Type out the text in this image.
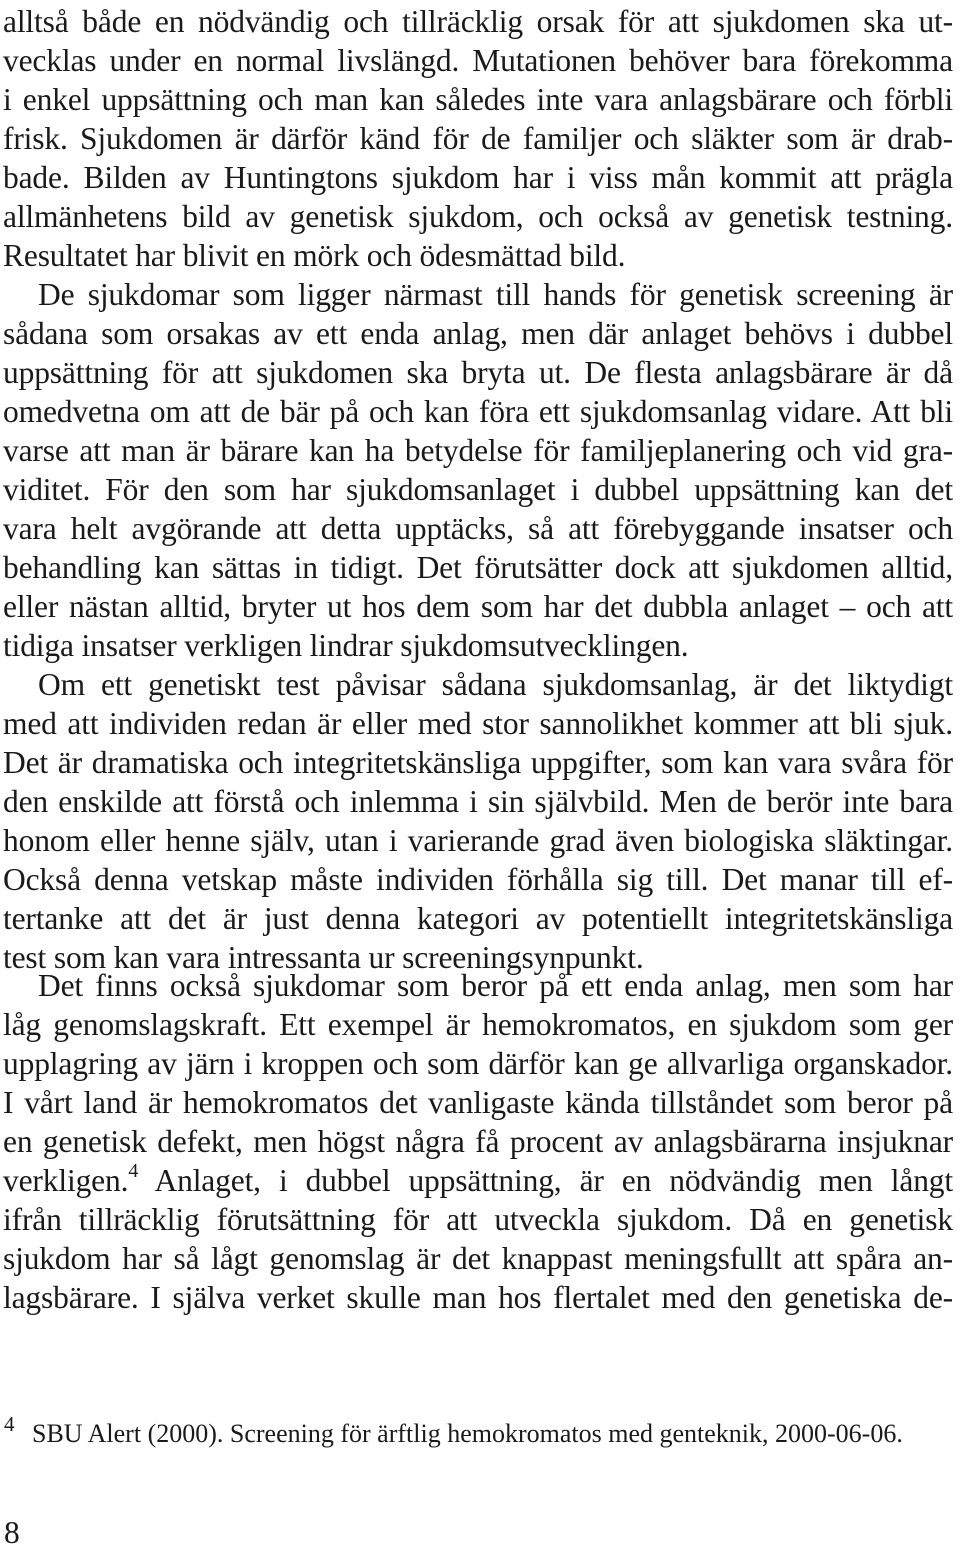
alltså både en nödvändig och tillräcklig orsak för att sjukdomen ska ut-
vecklas under en normal livslängd. Mutationen behöver bara förekomma
i enkel uppsättning och man kan således inte vara anlagsbärare och förbli
frisk. Sjukdomen är därför känd för de familjer och släkter som är drab-
bade. Bilden av Huntingtons sjukdom har i viss mån kommit att prägla
allmänhetens bild av genetisk sjukdom, och också av genetisk testning.
Resultatet har blivit en mörk och ödesmättad bild.
De sjukdomar som ligger närmast till hands för genetisk screening är
sådana som orsakas av ett enda anlag, men där anlaget behövs i dubbel
uppsättning för att sjukdomen ska bryta ut. De flesta anlagsbärare är då
omedvetna om att de bär på och kan föra ett sjukdomsanlag vidare. Att bli
varse att man är bärare kan ha betydelse för familjeplanering och vid gra-
viditet. För den som har sjukdomsanlaget i dubbel uppsättning kan det
vara helt avgörande att detta upptäcks, så att förebyggande insatser och
behandling kan sättas in tidigt. Det förutsätter dock att sjukdomen alltid,
eller nästan alltid, bryter ut hos dem som har det dubbla anlaget – och att
tidiga insatser verkligen lindrar sjukdomsutvecklingen.
Om ett genetiskt test påvisar sådana sjukdomsanlag, är det liktydigt
med att individen redan är eller med stor sannolikhet kommer att bli sjuk.
Det är dramatiska och integritetskänsliga uppgifter, som kan vara svåra för
den enskilde att förstå och inlemma i sin självbild. Men de berör inte bara
honom eller henne själv, utan i varierande grad även biologiska släktingar.
Också denna vetskap måste individen förhålla sig till. Det manar till ef-
tertanke att det är just denna kategori av potentiellt integritetskänsliga
test som kan vara intressanta ur screeningsynpunkt.
Det finns också sjukdomar som beror på ett enda anlag, men som har
låg genomslagskraft. Ett exempel är hemokromatos, en sjukdom som ger
upplagring av järn i kroppen och som därför kan ge allvarliga organskador.
I vårt land är hemokromatos det vanligaste kända tillståndet som beror på
en genetisk defekt, men högst några få procent av anlagsbärarna insjuknar
verkligen.$^4$ Anlaget, i dubbel uppsättning, är en nödvändig men långt
ifrån tillräcklig förutsättning för att utveckla sjukdom. Då en genetisk
sjukdom har så lågt genomslag är det knappast meningsfullt att spåra an-
lagsbärare. I själva verket skulle man hos flertalet med den genetiska de-
4 SBU Alert (2000). Screening för ärftlig hemokromatos med genteknik, 2000-06-06.
8
